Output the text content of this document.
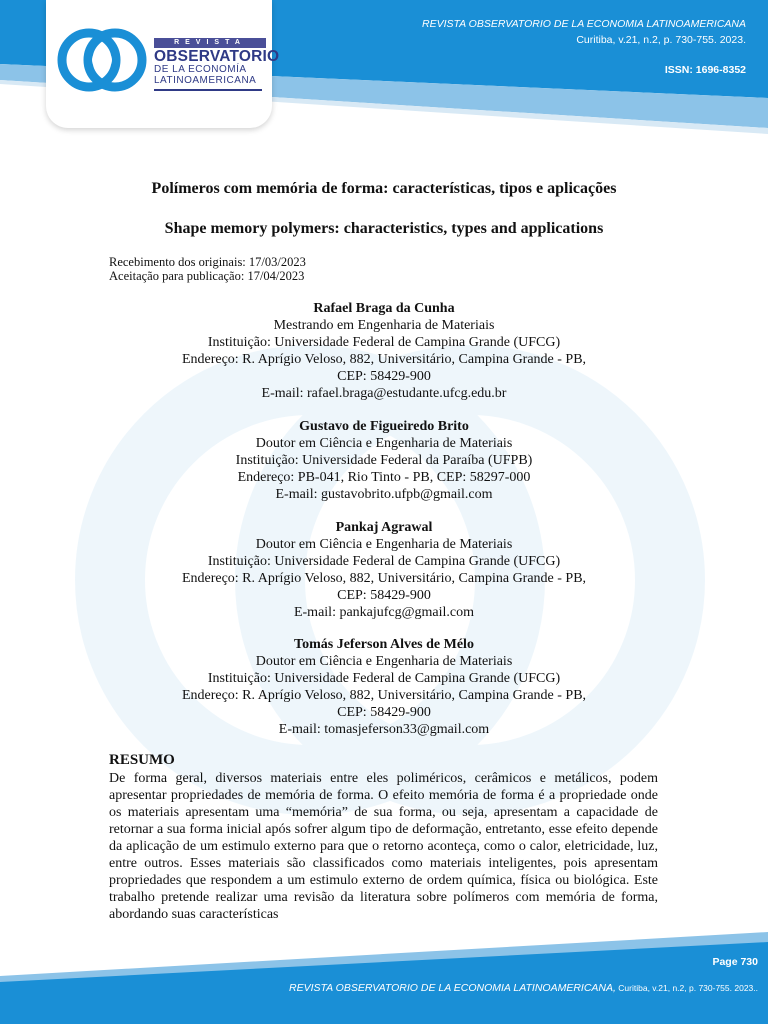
REVISTA
OBSERVATORIO
DE LA ECONOMÍA
LATINOAMERICANA
REVISTA OBSERVATORIO DE LA ECONOMIA LATINOAMERICANA
Curitiba, v.21, n.2, p. 730-755. 2023.
ISSN: 1696-8352
Polímeros com memória de forma: características, tipos e aplicações
Shape memory polymers: characteristics, types and applications
Recebimento dos originais: 17/03/2023
Aceitação para publicação: 17/04/2023
Rafael Braga da Cunha
Mestrando em Engenharia de Materiais
Instituição: Universidade Federal de Campina Grande (UFCG)
Endereço: R. Aprígio Veloso, 882, Universitário, Campina Grande - PB,
CEP: 58429-900
E-mail: rafael.braga@estudante.ufcg.edu.br
Gustavo de Figueiredo Brito
Doutor em Ciência e Engenharia de Materiais
Instituição: Universidade Federal da Paraíba (UFPB)
Endereço: PB-041, Rio Tinto - PB, CEP: 58297-000
E-mail: gustavobrito.ufpb@gmail.com
Pankaj Agrawal
Doutor em Ciência e Engenharia de Materiais
Instituição: Universidade Federal de Campina Grande (UFCG)
Endereço: R. Aprígio Veloso, 882, Universitário, Campina Grande - PB,
CEP: 58429-900
E-mail: pankajufcg@gmail.com
Tomás Jeferson Alves de Mélo
Doutor em Ciência e Engenharia de Materiais
Instituição: Universidade Federal de Campina Grande (UFCG)
Endereço: R. Aprígio Veloso, 882, Universitário, Campina Grande - PB,
CEP: 58429-900
E-mail: tomasjeferson33@gmail.com
RESUMO
De forma geral, diversos materiais entre eles poliméricos, cerâmicos e metálicos, podem apresentar propriedades de memória de forma. O efeito memória de forma é a propriedade onde os materiais apresentam uma “memória” de sua forma, ou seja, apresentam a capacidade de retornar a sua forma inicial após sofrer algum tipo de deformação, entretanto, esse efeito depende da aplicação de um estimulo externo para que o retorno aconteça, como o calor, eletricidade, luz, entre outros. Esses materiais são classificados como materiais inteligentes, pois apresentam propriedades que respondem a um estimulo externo de ordem química, física ou biológica. Este trabalho pretende realizar uma revisão da literatura sobre polímeros com memória de forma, abordando suas características
Page 730
REVISTA OBSERVATORIO DE LA ECONOMIA LATINOAMERICANA, Curitiba, v.21, n.2, p. 730-755. 2023..
